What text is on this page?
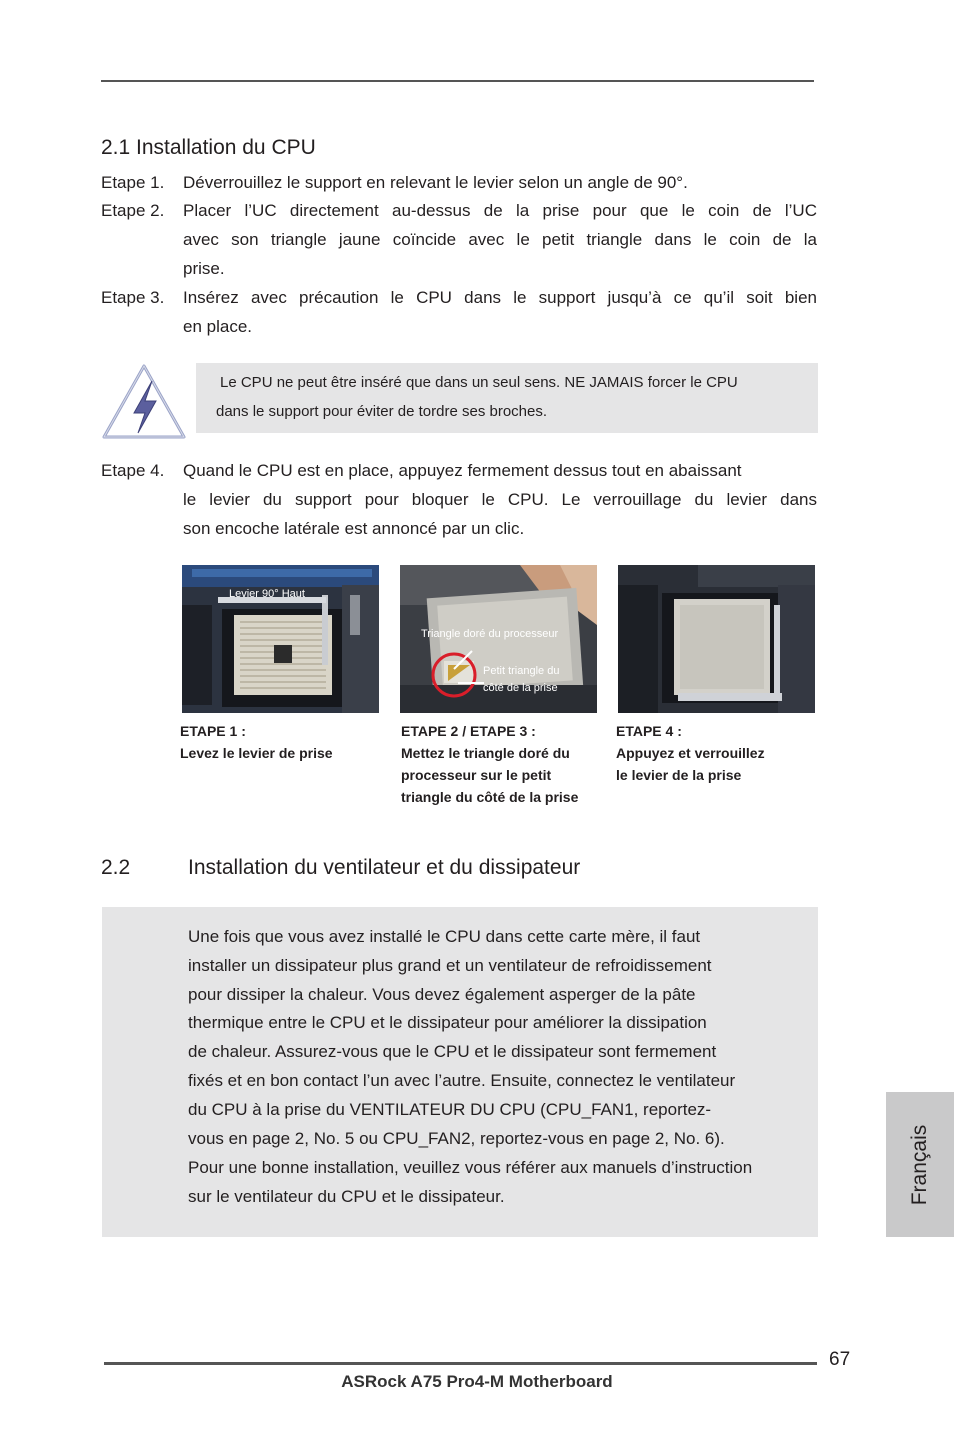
2.1 Installation du CPU
Etape 1. Déverrouillez le support en relevant le levier selon un angle de 90°.
Etape 2. Placer l’UC directement au-dessus de la prise pour que le coin de l’UC
avec son triangle jaune coïncide avec le petit triangle dans le coin de la
prise.
Etape 3. Insérez avec précaution le CPU dans le support jusqu’à ce qu’il soit bien
en place.
Etape 4. Quand le CPU est en place, appuyez fermement dessus tout en abaissant
le levier du support pour bloquer le CPU. Le verrouillage du levier dans
son encoche latérale est annoncé par un clic.
Le CPU ne peut être inséré que dans un seul sens. NE JAMAIS forcer le CPU
dans le support pour éviter de tordre ses broches.
Levier 90° Haut
Triangle doré du processeur
Petit triangle du
côté de la prise
ETAPE 1 :
Levez le levier de prise
ETAPE 2 / ETAPE 3 :
Mettez le triangle doré du
processeur sur le petit
triangle du côté de la prise
ETAPE 4 :
Appuyez et verrouillez
le levier de la prise
2.2	Installation du ventilateur et du dissipateur
Une fois que vous avez installé le CPU dans cette carte mère, il faut
installer un dissipateur plus grand et un ventilateur de refroidissement
pour dissiper la chaleur. Vous devez également asperger de la pâte
thermique entre le CPU et le dissipateur pour améliorer la dissipation
de chaleur. Assurez-vous que le CPU et le dissipateur sont fermement
fixés et en bon contact l’un avec l’autre. Ensuite, connectez le ventilateur
du CPU à la prise du VENTILATEUR DU CPU (CPU_FAN1, reportez-
vous en page 2, No. 5 ou CPU_FAN2, reportez-vous en page 2, No. 6).
Pour une bonne installation, veuillez vous référer aux manuels d’instruction
sur le ventilateur du CPU et le dissipateur.	Français
67
ASRock A75 Pro4-M Motherboard
